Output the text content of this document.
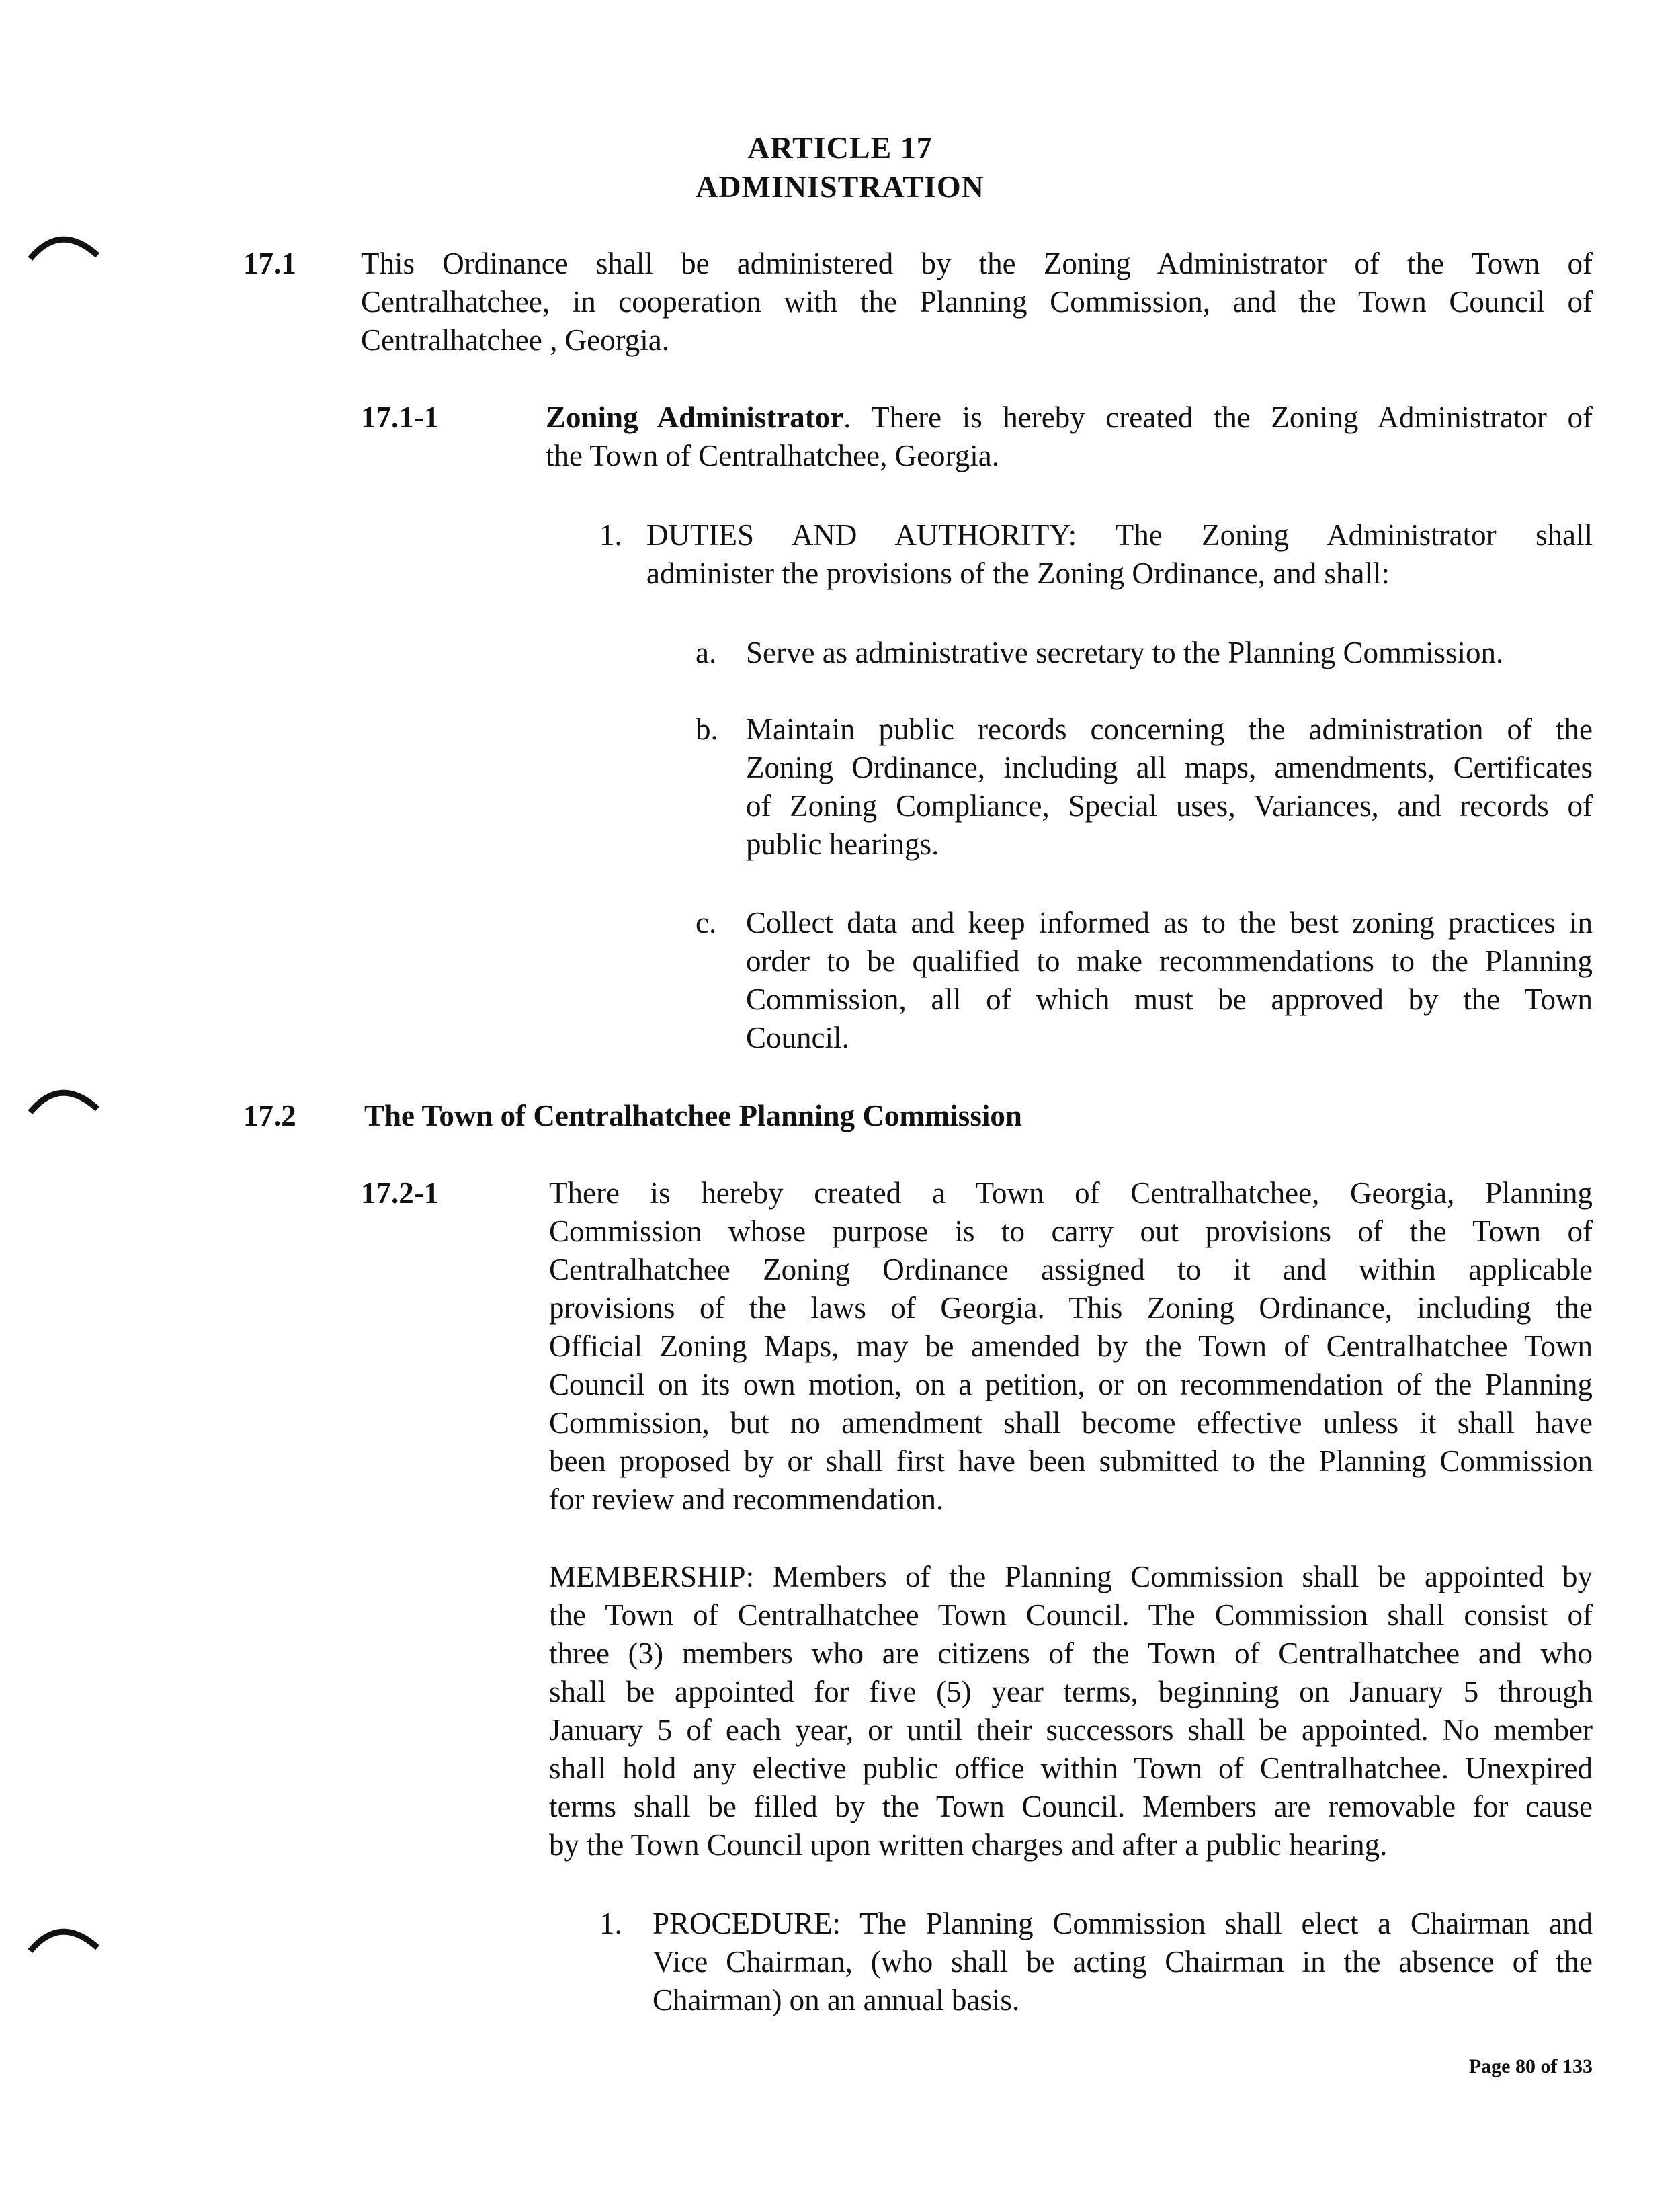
ARTICLE 17
ADMINISTRATION
17.1 This Ordinance shall be administered by the Zoning Administrator of the Town of
Centralhatchee, in cooperation with the Planning Commission, and the Town Council of
Centralhatchee , Georgia.
17.1-1	Zoning Administrator. There is hereby created the Zoning Administrator of
the Town of Centralhatchee, Georgia.
1. DUTIES AND AUTHORITY: The Zoning Administrator shall
administer the provisions of the Zoning Ordinance, and shall:
a. Serve as administrative secretary to the Planning Commission.
b. Maintain public records concerning the administration of the
Zoning Ordinance, including all maps, amendments, Certificates
of Zoning Compliance, Special uses, Variances, and records of
public hearings.
c. Collect data and keep informed as to the best zoning practices in
order to be qualified to make recommendations to the Planning
Commission, all of which must be approved by the Town
Council.
17.2 The Town of Centralhatchee Planning Commission
17.2-1	There is hereby created a Town of Centralhatchee, Georgia, Planning
Commission whose purpose is to carry out provisions of the Town of
Centralhatchee Zoning Ordinance assigned to it and within applicable
provisions of the laws of Georgia. This Zoning Ordinance, including the
Official Zoning Maps, may be amended by the Town of Centralhatchee Town
Council on its own motion, on a petition, or on recommendation of the Planning
Commission, but no amendment shall become effective unless it shall have
been proposed by or shall first have been submitted to the Planning Commission
for review and recommendation.
MEMBERSHIP: Members of the Planning Commission shall be appointed by
the Town of Centralhatchee Town Council. The Commission shall consist of
three (3) members who are citizens of the Town of Centralhatchee and who
shall be appointed for five (5) year terms, beginning on January 5 through
January 5 of each year, or until their successors shall be appointed. No member
shall hold any elective public office within Town of Centralhatchee. Unexpired
terms shall be filled by the Town Council. Members are removable for cause
by the Town Council upon written charges and after a public hearing.
1. PROCEDURE: The Planning Commission shall elect a Chairman and
Vice Chairman, (who shall be acting Chairman in the absence of the
Chairman) on an annual basis.
Page 80 of 133
